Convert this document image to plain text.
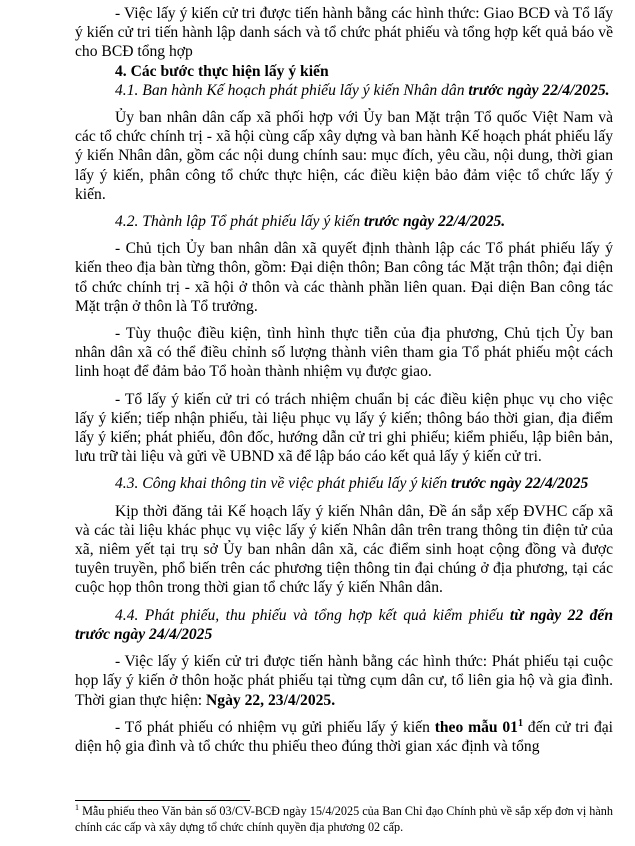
- Việc lấy ý kiến cử tri được tiến hành bằng các hình thức: Giao BCĐ và Tổ lấy ý kiến cử tri tiến hành lập danh sách và tổ chức phát phiếu và tổng hợp kết quả báo về cho BCĐ tổng hợp

4. Các bước thực hiện lấy ý kiến

4.1. Ban hành Kế hoạch phát phiếu lấy ý kiến Nhân dân trước ngày 22/4/2025.

Ủy ban nhân dân cấp xã phối hợp với Ủy ban Mặt trận Tổ quốc Việt Nam và các tổ chức chính trị - xã hội cùng cấp xây dựng và ban hành Kế hoạch phát phiếu lấy ý kiến Nhân dân, gồm các nội dung chính sau: mục đích, yêu cầu, nội dung, thời gian lấy ý kiến, phân công tổ chức thực hiện, các điều kiện bảo đảm việc tổ chức lấy ý kiến.

4.2. Thành lập Tổ phát phiếu lấy ý kiến trước ngày 22/4/2025.

- Chủ tịch Ủy ban nhân dân xã quyết định thành lập các Tổ phát phiếu lấy ý kiến theo địa bàn từng thôn, gồm: Đại diện thôn; Ban công tác Mặt trận thôn; đại diện tổ chức chính trị - xã hội ở thôn và các thành phần liên quan. Đại diện Ban công tác Mặt trận ở thôn là Tổ trưởng.

- Tùy thuộc điều kiện, tình hình thực tiễn của địa phương, Chủ tịch Ủy ban nhân dân xã có thể điều chỉnh số lượng thành viên tham gia Tổ phát phiếu một cách linh hoạt để đảm bảo Tổ hoàn thành nhiệm vụ được giao.

- Tổ lấy ý kiến cử tri có trách nhiệm chuẩn bị các điều kiện phục vụ cho việc lấy ý kiến; tiếp nhận phiếu, tài liệu phục vụ lấy ý kiến; thông báo thời gian, địa điểm lấy ý kiến; phát phiếu, đôn đốc, hướng dẫn cử tri ghi phiếu; kiểm phiếu, lập biên bản, lưu trữ tài liệu và gửi về UBND xã để lập báo cáo kết quả lấy ý kiến cử tri.

4.3. Công khai thông tin về việc phát phiếu lấy ý kiến trước ngày 22/4/2025

Kịp thời đăng tải Kế hoạch lấy ý kiến Nhân dân, Đề án sắp xếp ĐVHC cấp xã và các tài liệu khác phục vụ việc lấy ý kiến Nhân dân trên trang thông tin điện tử của xã, niêm yết tại trụ sở Ủy ban nhân dân xã, các điểm sinh hoạt cộng đồng và được tuyên truyền, phổ biến trên các phương tiện thông tin đại chúng ở địa phương, tại các cuộc họp thôn trong thời gian tổ chức lấy ý kiến Nhân dân.

4.4. Phát phiếu, thu phiếu và tổng hợp kết quả kiểm phiếu từ ngày 22 đến trước ngày 24/4/2025

- Việc lấy ý kiến cử tri được tiến hành bằng các hình thức: Phát phiếu tại cuộc họp lấy ý kiến ở thôn hoặc phát phiếu tại từng cụm dân cư, tổ liên gia hộ và gia đình. Thời gian thực hiện: Ngày 22, 23/4/2025.

- Tổ phát phiếu có nhiệm vụ gửi phiếu lấy ý kiến theo mẫu $01^1$ đến cử tri đại diện hộ gia đình và tổ chức thu phiếu theo đúng thời gian xác định và tổng

$^1$ Mẫu phiếu theo Văn bản số 03/CV-BCĐ ngày 15/4/2025 của Ban Chỉ đạo Chính phủ về sắp xếp đơn vị hành chính các cấp và xây dựng tổ chức chính quyền địa phương 02 cấp.
